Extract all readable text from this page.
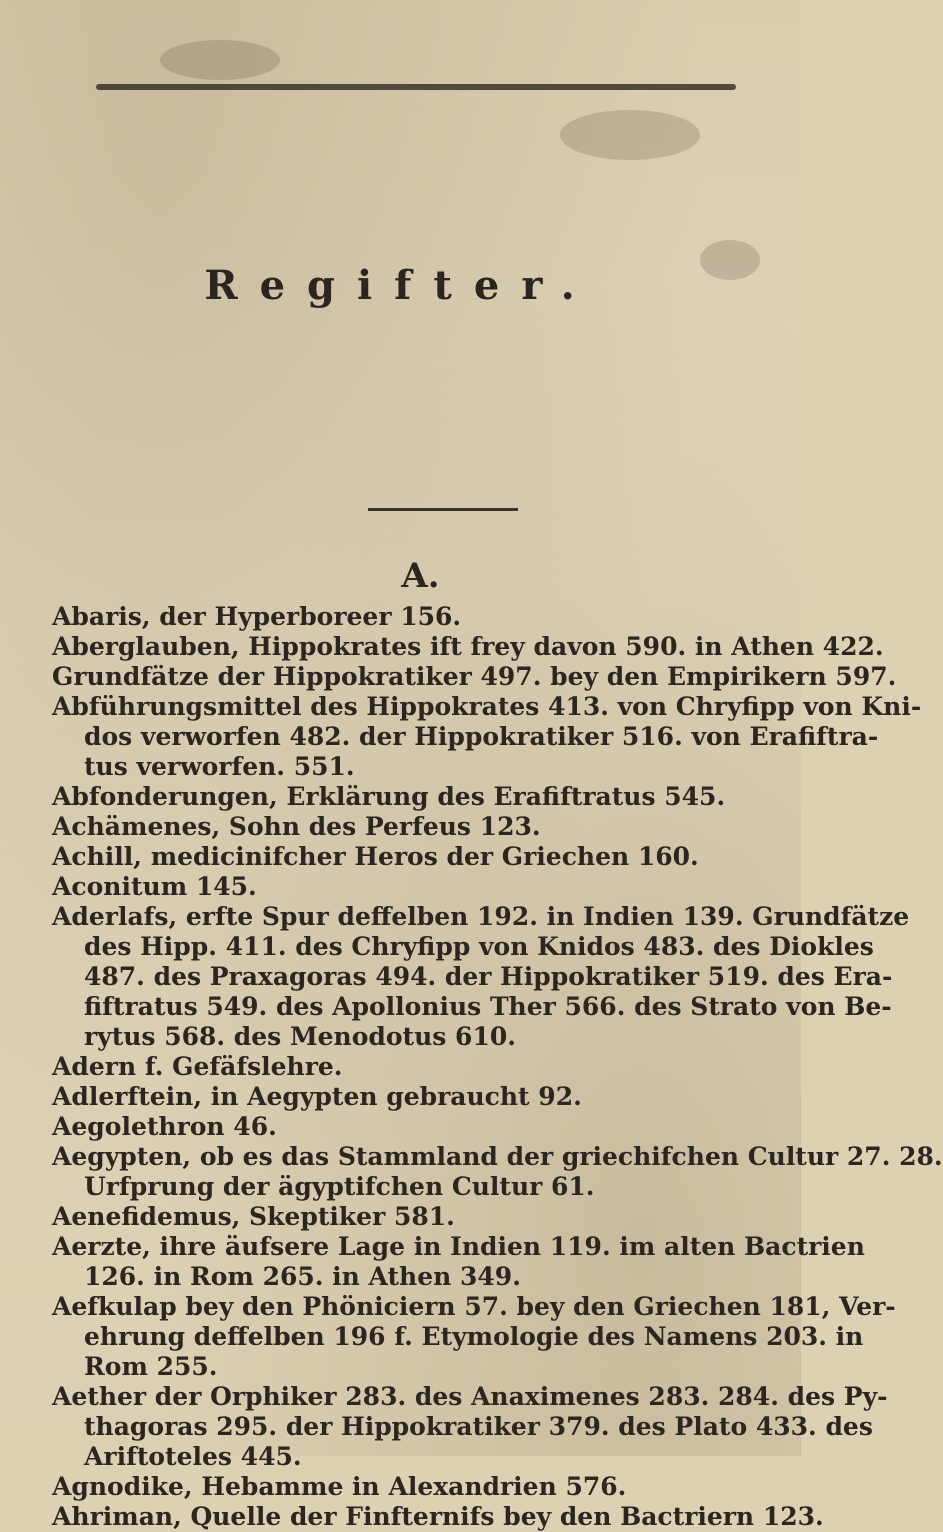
Regifter.
A.

Abaris, der Hyperboreer 156.

Aberglauben, Hippokrates ift frey davon 590. in Athen 422.

Grundfätze der Hippokratiker 497. bey den Empirikern 597.

Abführungsmittel des Hippokrates 413. von Chryfipp von Kni-
dos verworfen 482. der Hippokratiker 516. von Erafiftra-
tus verworfen. 551.

Abfonderungen, Erklärung des Erafiftratus 545.

Achämenes, Sohn des Perfeus 123.

Achill, medicinifcher Heros der Griechen 160.

Aconitum 145.

Aderlafs, erfte Spur deffelben 192. in Indien 139. Grundfätze
des Hipp. 411. des Chryfipp von Knidos 483. des Diokles
487. des Praxagoras 494. der Hippokratiker 519. des Era-
fiftratus 549. des Apollonius Ther 566. des Strato von Be-
rytus 568. des Menodotus 610.

Adern f. Gefäfslehre.

Adlerftein, in Aegypten gebraucht 92.

Aegolethron 46.

Aegypten, ob es das Stammland der griechifchen Cultur 27. 28.
Urfprung der ägyptifchen Cultur 61.

Aenefidemus, Skeptiker 581.

Aerzte, ihre äufsere Lage in Indien 119. im alten Bactrien
126. in Rom 265. in Athen 349.

Aefkulap bey den Phöniciern 57. bey den Griechen 181, Ver-
ehrung deffelben 196 f. Etymologie des Namens 203. in
Rom 255.

Aether der Orphiker 283. des Anaximenes 283. 284. des Py-
thagoras 295. der Hippokratiker 379. des Plato 433. des
Ariftoteles 445.

Agnodike, Hebamme in Alexandrien 576.

Ahriman, Quelle der Finfternifs bey den Bactriern 123.
